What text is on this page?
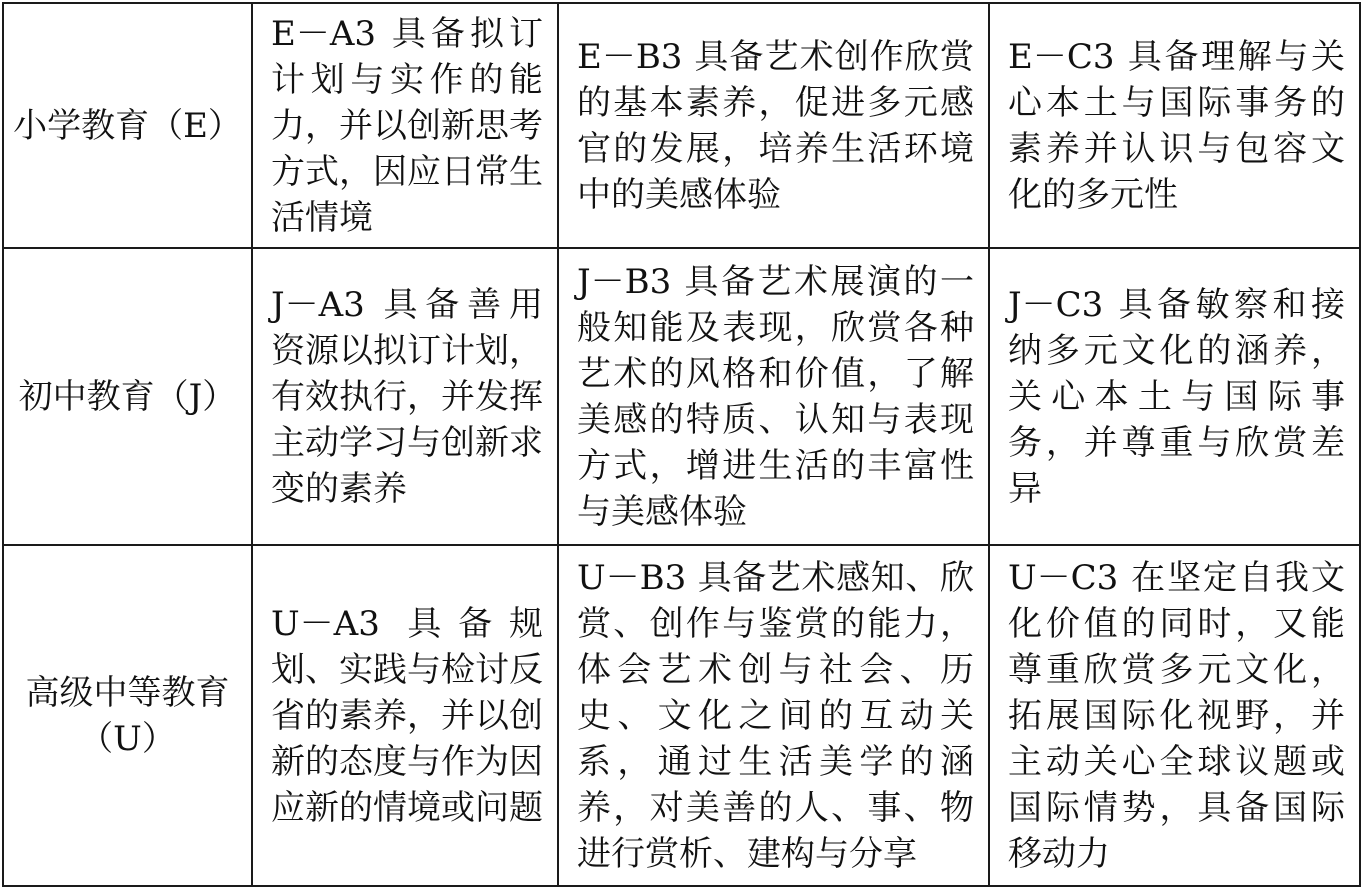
小学教育（E）	E－A3 具备拟订计划与实作的能力，并以创新思考方式，因应日常生活情境	E－B3 具备艺术创作欣赏的基本素养，促进多元感官的发展，培养生活环境中的美感体验	E－C3 具备理解与关心本土与国际事务的素养并认识与包容文化的多元性
初中教育（J）	J－A3 具备善用资源以拟订计划，有效执行，并发挥主动学习与创新求变的素养	J－B3 具备艺术展演的一般知能及表现，欣赏各种艺术的风格和价值，了解美感的特质、认知与表现方式，增进生活的丰富性与美感体验	J－C3 具备敏察和接纳多元文化的涵养，关心本土与国际事务，并尊重与欣赏差异
高级中等教育（U）	U－A3 具备规划、实践与检讨反省的素养，并以创新的态度与作为因应新的情境或问题	U－B3 具备艺术感知、欣赏、创作与鉴赏的能力，体会艺术创与社会、历史、文化之间的互动关系，通过生活美学的涵养，对美善的人、事、物进行赏析、建构与分享	U－C3 在坚定自我文化价值的同时，又能尊重欣赏多元文化，拓展国际化视野，并主动关心全球议题或国际情势，具备国际移动力
